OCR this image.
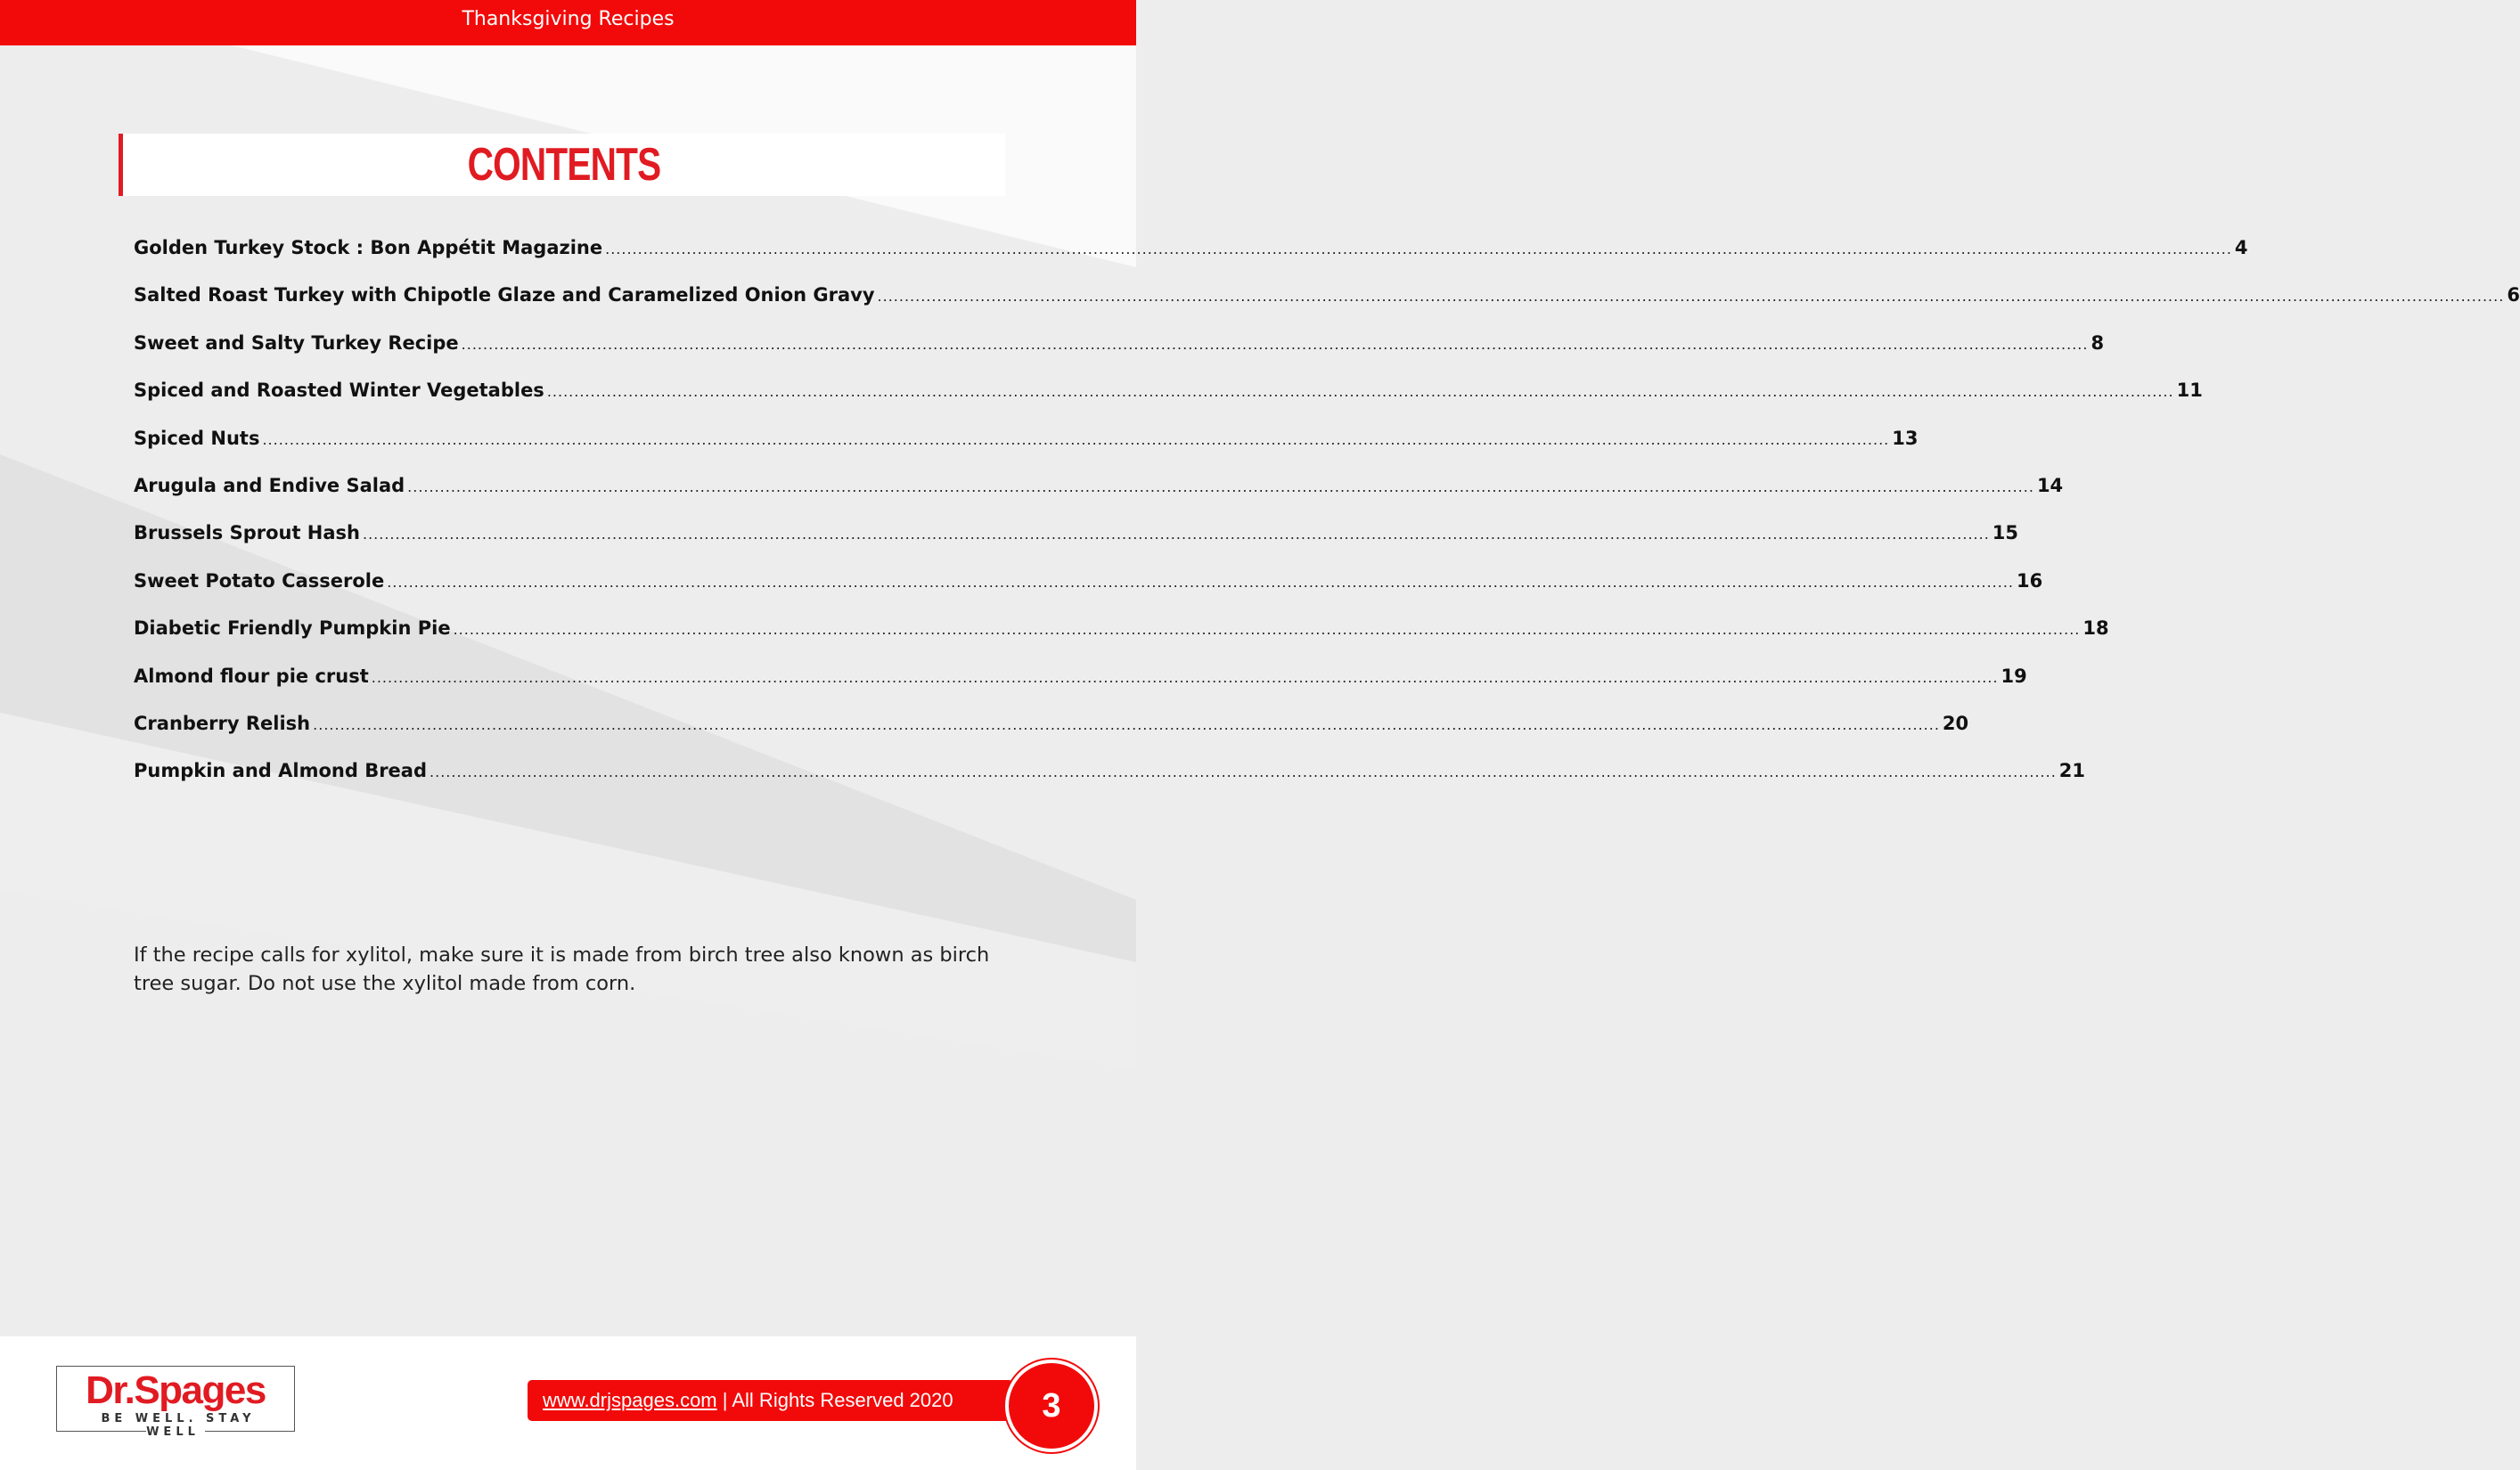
Thanksgiving Recipes
CONTENTS
Golden Turkey Stock : Bon Appétit Magazine ............................................................................................................................................................................................................................................................................................................ 4
Salted Roast Turkey with Chipotle Glaze and Caramelized Onion Gravy ............................................................................................................................................................................................................................................................................................................ 6
Sweet and Salty Turkey Recipe ............................................................................................................................................................................................................................................................................................................ 8
Spiced and Roasted Winter Vegetables ............................................................................................................................................................................................................................................................................................................ 11
Spiced Nuts ............................................................................................................................................................................................................................................................................................................ 13
Arugula and Endive Salad ............................................................................................................................................................................................................................................................................................................ 14
Brussels Sprout Hash ............................................................................................................................................................................................................................................................................................................ 15
Sweet Potato Casserole ............................................................................................................................................................................................................................................................................................................ 16
Diabetic Friendly Pumpkin Pie ............................................................................................................................................................................................................................................................................................................ 18
Almond flour pie crust ............................................................................................................................................................................................................................................................................................................ 19
Cranberry Relish ............................................................................................................................................................................................................................................................................................................ 20
Pumpkin and Almond Bread ............................................................................................................................................................................................................................................................................................................ 21
If the recipe calls for xylitol, make sure it is made from birch tree also known as birch tree sugar. Do not use the xylitol made from corn.
Dr.Spages
BE WELL. STAY WELL
www.drjspages.com | All Rights Reserved 2020	3
